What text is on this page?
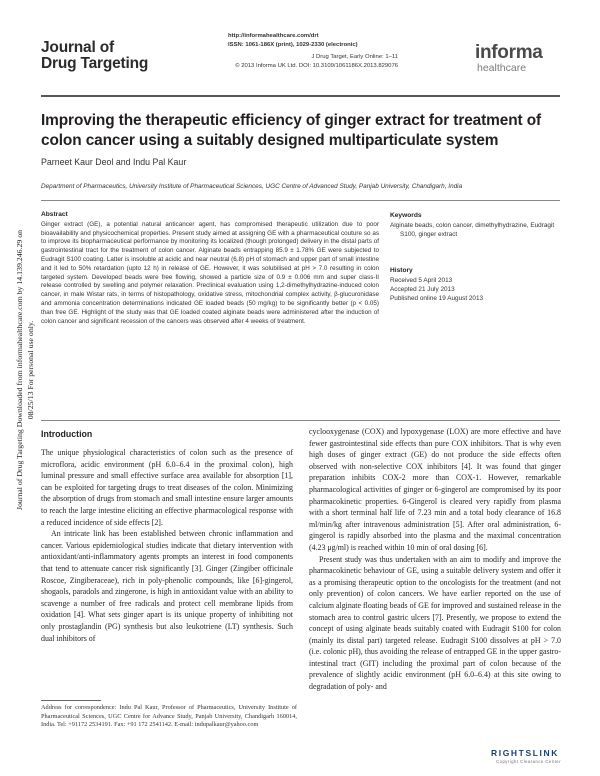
Journal of Drug Targeting Downloaded from informahealthcare.com by 14.139.246.29 on 08/25/13 For personal use only.
Journal of
Drug Targeting
http://informahealthcare.com/drt
ISSN: 1061-186X (print), 1029-2330 (electronic)
J Drug Target, Early Online: 1–11
© 2013 Informa UK Ltd. DOI: 10.3109/1061186X.2013.829076
informa
healthcare
Improving the therapeutic efficiency of ginger extract for treatment of colon cancer using a suitably designed multiparticulate system
Parneet Kaur Deol and Indu Pal Kaur
Department of Pharmaceutics, University Institute of Pharmaceutical Sciences, UGC Centre of Advanced Study, Panjab University, Chandigarh, India
Abstract

Ginger extract (GE), a potential natural anticancer agent, has compromised therapeutic utilization due to poor bioavailability and physicochemical properties. Present study aimed at assigning GE with a pharmaceutical couture so as to improve its biopharmaceutical performance by monitoring its localized (though prolonged) delivery in the distal parts of gastrointestinal tract for the treatment of colon cancer. Alginate beads entrapping 85.9 ± 1.78% GE were subjected to Eudragit S100 coating. Latter is insoluble at acidic and near neutral (6.8) pH of stomach and upper part of small intestine and it led to 50% retardation (upto 12 h) in release of GE. However, it was solubilised at pH > 7.0 resulting in colon targeted system. Developed beads were free flowing, showed a particle size of 0.9 ± 0.006 mm and super class-II release controlled by swelling and polymer relaxation. Preclinical evaluation using 1,2-dimethylhydrazine-induced colon cancer, in male Wistar rats, in terms of histopathology, oxidative stress, mitochondrial complex activity, β-glucuronidase and ammonia concentration determinations indicated GE loaded beads (50 mg/kg) to be significantly better (p < 0.05) than free GE. Highlight of the study was that GE loaded coated alginate beads were administered after the induction of colon cancer and significant recession of the cancers was observed after 4 weeks of treatment.

Keywords
Alginate beads, colon cancer, dimethylhydrazine, Eudragit S100, ginger extract
History
Received 5 April 2013
Accepted 21 July 2013
Published online 19 August 2013
Introduction

The unique physiological characteristics of colon such as the presence of microflora, acidic environment (pH 6.0–6.4 in the proximal colon), high luminal pressure and small effective surface area available for absorption [1], can be exploited for targeting drugs to treat diseases of the colon. Minimizing the absorption of drugs from stomach and small intestine ensure larger amounts to reach the large intestine eliciting an effective pharmacological response with a reduced incidence of side effects [2].

An intricate link has been established between chronic inflammation and cancer. Various epidemiological studies indicate that dietary intervention with antioxidant/anti-inflammatory agents prompts an interest in food components that tend to attenuate cancer risk significantly [3]. Ginger (Zingiber officinale Roscoe, Zingiberaceae), rich in poly-phenolic compounds, like [6]-gingerol, shogaols, paradols and zingerone, is high in antioxidant value with an ability to scavenge a number of free radicals and protect cell membrane lipids from oxidation [4]. What sets ginger apart is its unique property of inhibiting not only prostaglandin (PG) synthesis but also leukotriene (LT) synthesis. Such dual inhibitors of

cyclooxygenase (COX) and lypoxygenase (LOX) are more effective and have fewer gastrointestinal side effects than pure COX inhibitors. That is why even high doses of ginger extract (GE) do not produce the side effects often observed with non-selective COX inhibitors [4]. It was found that ginger preparation inhibits COX-2 more than COX-1. However, remarkable pharmacological activities of ginger or 6-gingerol are compromised by its poor pharmacokinetic properties. 6-Gingerol is cleared very rapidly from plasma with a short terminal half life of 7.23 min and a total body clearance of 16.8 ml/min/kg after intravenous administration [5]. After oral administration, 6-gingerol is rapidly absorbed into the plasma and the maximal concentration (4.23 μg/ml) is reached within 10 min of oral dosing [6].

Present study was thus undertaken with an aim to modify and improve the pharmacokinetic behaviour of GE, using a suitable delivery system and offer it as a promising therapeutic option to the oncologists for the treatment (and not only prevention) of colon cancers. We have earlier reported on the use of calcium alginate floating beads of GE for improved and sustained release in the stomach area to control gastric ulcers [7]. Presently, we propose to extend the concept of using alginate beads suitably coated with Eudragit S100 for colon (mainly its distal part) targeted release. Eudragit S100 dissolves at pH > 7.0 (i.e. colonic pH), thus avoiding the release of entrapped GE in the upper gastro-intestinal tract (GIT) including the proximal part of colon because of the prevalence of slightly acidic environment (pH 6.0–6.4) at this site owing to degradation of poly- and

Address for correspondence: Indu Pal Kaur, Professor of Pharmaceutics, University Institute of Pharmaceutical Sciences, UGC Centre for Advance Study, Panjab University, Chandigarh 160014, India. Tel: +91172 2534191. Fax: +91 172 2541142. E-mail: indupalkaur@yahoo.com
RIGHTSLINK
Copyright Clearance Center
